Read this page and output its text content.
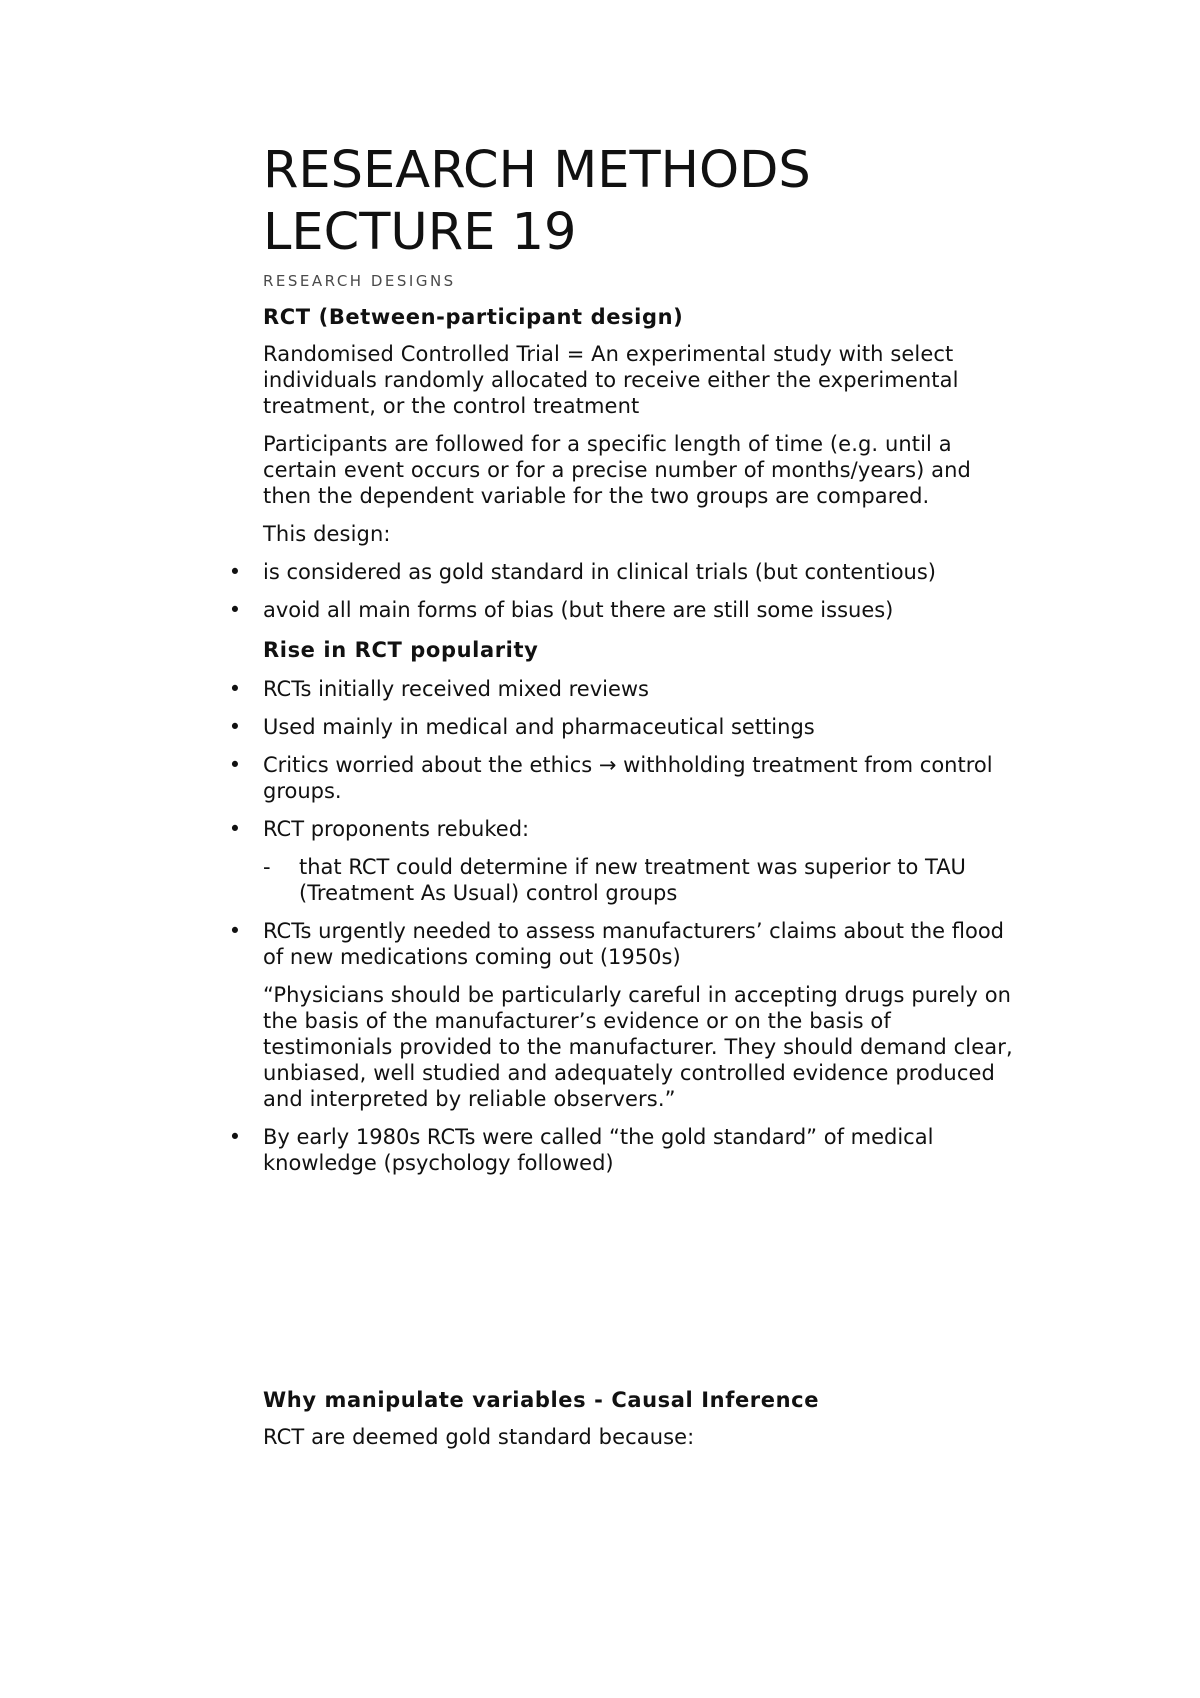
RESEARCH METHODS
LECTURE 19
RESEARCH DESIGNS
RCT (Between-participant design)

Randomised Controlled Trial = An experimental study with select individuals randomly allocated to receive either the experimental treatment, or the control treatment

Participants are followed for a specific length of time (e.g. until a certain event occurs or for a precise number of months/years) and then the dependent variable for the two groups are compared.

This design:

• is considered as gold standard in clinical trials (but contentious)
• avoid all main forms of bias (but there are still some issues)
Rise in RCT popularity
• RCTs initially received mixed reviews
• Used mainly in medical and pharmaceutical settings
• Critics worried about the ethics → withholding treatment from control groups.
• RCT proponents rebuked:
- that RCT could determine if new treatment was superior to TAU (Treatment As Usual) control groups
• RCTs urgently needed to assess manufacturers’ claims about the flood of new medications coming out (1950s)

“Physicians should be particularly careful in accepting drugs purely on the basis of the manufacturer’s evidence or on the basis of testimonials provided to the manufacturer. They should demand clear, unbiased, well studied and adequately controlled evidence produced and interpreted by reliable observers.”

• By early 1980s RCTs were called “the gold standard” of medical knowledge (psychology followed)
Why manipulate variables - Causal Inference

RCT are deemed gold standard because:
